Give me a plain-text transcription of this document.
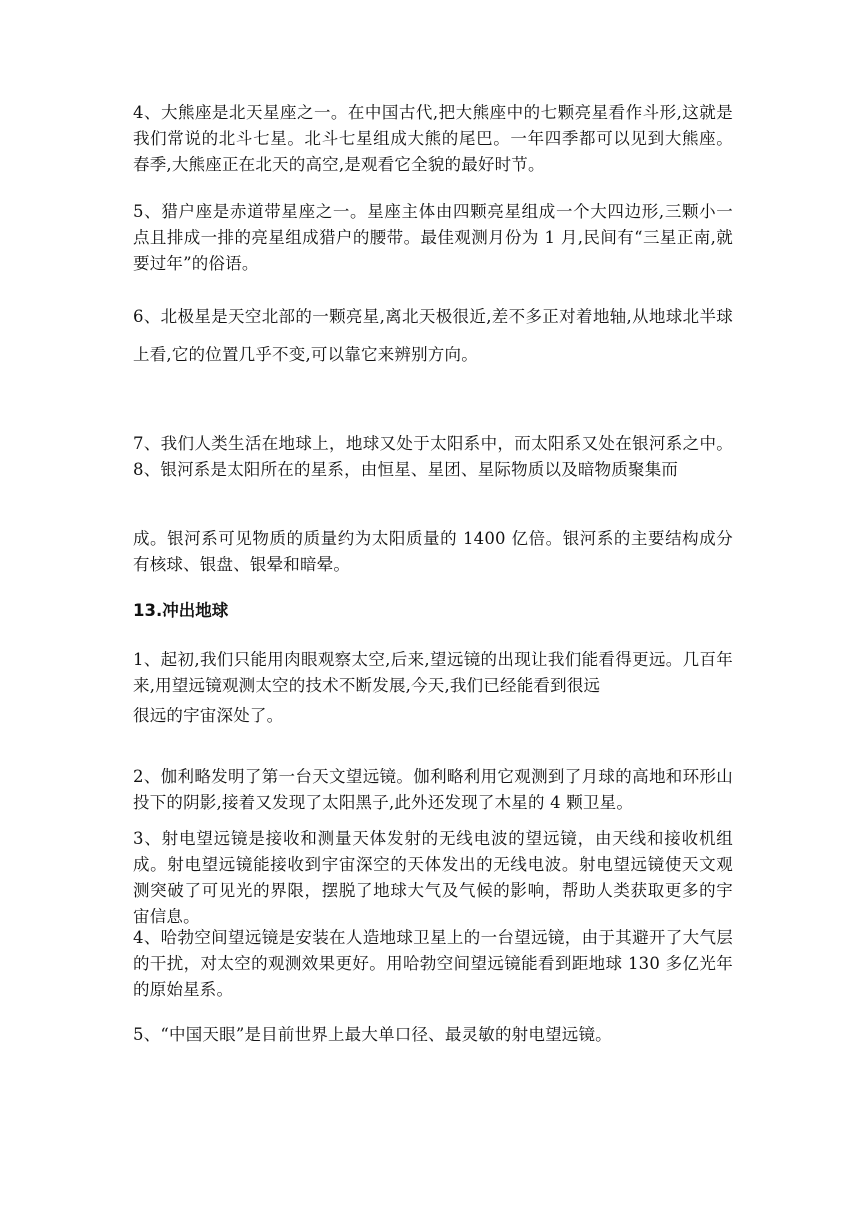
4、大熊座是北天星座之一。在中国古代,把大熊座中的七颗亮星看作斗形,这就是我们常说的北斗七星。北斗七星组成大熊的尾巴。一年四季都可以见到大熊座。春季,大熊座正在北天的高空,是观看它全貌的最好时节。

5、猎户座是赤道带星座之一。星座主体由四颗亮星组成一个大四边形,三颗小一点且排成一排的亮星组成猎户的腰带。最佳观测月份为 1 月,民间有“三星正南,就要过年”的俗语。

6、北极星是天空北部的一颗亮星,离北天极很近,差不多正对着地轴,从地球北半球上看,它的位置几乎不变,可以靠它来辨别方向。

7、我们人类生活在地球上，地球又处于太阳系中，而太阳系又处在银河系之中。8、银河系是太阳所在的星系，由恒星、星团、星际物质以及暗物质聚集而

成。银河系可见物质的质量约为太阳质量的 1400 亿倍。银河系的主要结构成分有核球、银盘、银晕和暗晕。

13.冲出地球

1、起初,我们只能用肉眼观察太空,后来,望远镜的出现让我们能看得更远。几百年来,用望远镜观测太空的技术不断发展,今天,我们已经能看到很远

很远的宇宙深处了。

2、伽利略发明了第一台天文望远镜。伽利略利用它观测到了月球的高地和环形山投下的阴影,接着又发现了太阳黑子,此外还发现了木星的 4 颗卫星。

3、射电望远镜是接收和测量天体发射的无线电波的望远镜，由天线和接收机组成。射电望远镜能接收到宇宙深空的天体发出的无线电波。射电望远镜使天文观测突破了可见光的界限，摆脱了地球大气及气候的影响，帮助人类获取更多的宇宙信息。

4、哈勃空间望远镜是安装在人造地球卫星上的一台望远镜，由于其避开了大气层的干扰，对太空的观测效果更好。用哈勃空间望远镜能看到距地球 130 多亿光年的原始星系。

5、“中国天眼”是目前世界上最大单口径、最灵敏的射电望远镜。
